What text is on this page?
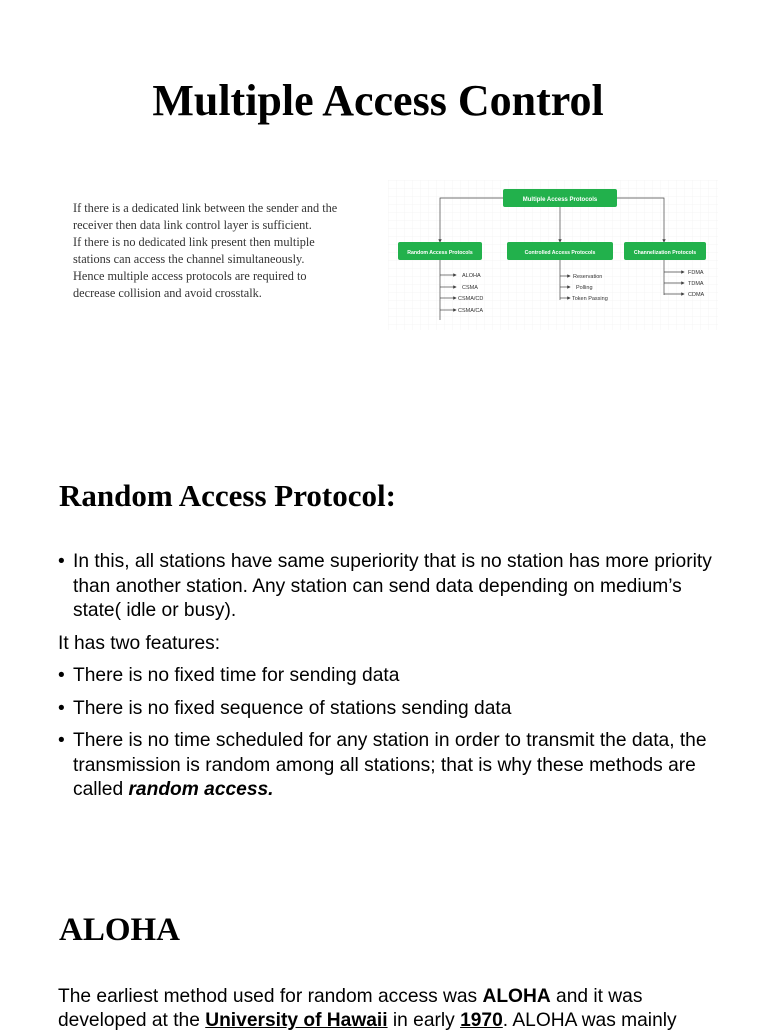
Multiple Access Control
If there is a dedicated link between the sender and the
receiver then data link control layer is sufficient.
If there is no dedicated link present then multiple
stations can access the channel simultaneously.
Hence multiple access protocols are required to
decrease collision and avoid crosstalk.
Multiple Access Protocols
Random Access Protocols	Controlled Access Protocols	Channelization Protocols
ALOHA
CSMA
CSMA/CD
CSMA/CA
Reservation
Polling
Token Passing
FDMA
TDMA
CDMA
Random Access Protocol:
• In this, all stations have same superiority that is no station has more priority than another station. Any station can send data depending on medium’s state( idle or busy).
It has two features:
• There is no fixed time for sending data
• There is no fixed sequence of stations sending data
• There is no time scheduled for any station in order to transmit the data, the transmission is random among all stations; that is why these methods are called random access.
ALOHA
The earliest method used for random access was ALOHA and it was
developed at the University of Hawaii in early 1970. ALOHA was mainly
